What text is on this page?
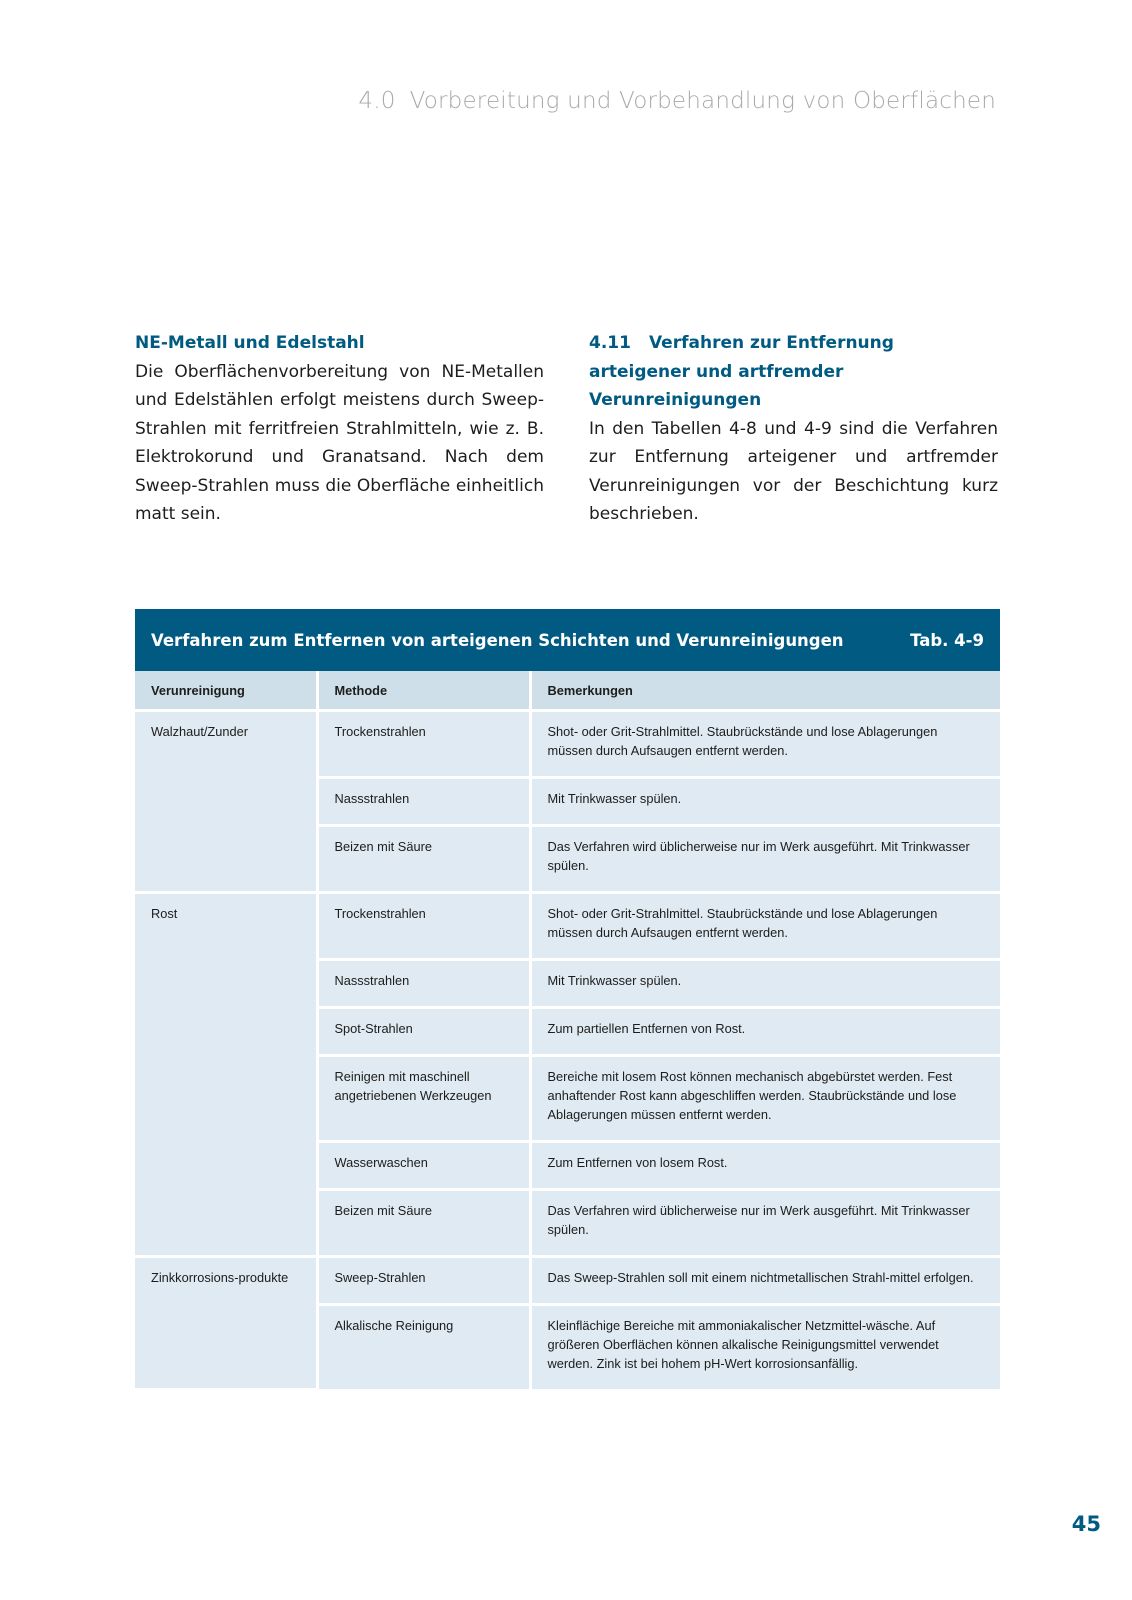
4.0 Vorbereitung und Vorbehandlung von Oberflächen
NE-Metall und Edelstahl

Die Oberflächenvorbereitung von NE-Metallen und Edelstählen erfolgt meistens durch Sweep-Strahlen mit ferritfreien Strahlmitteln, wie z. B. Elektrokorund und Granatsand. Nach dem Sweep-Strahlen muss die Oberfläche einheitlich matt sein.

4.11 Verfahren zur Entfernung arteigener und artfremder Verunreinigungen

In den Tabellen 4-8 und 4-9 sind die Verfahren zur Entfernung arteigener und artfremder Verunreinigungen vor der Beschichtung kurz beschrieben.

Verfahren zum Entfernen von arteigenen Schichten und Verunreinigungen	Tab. 4-9
Verunreinigung	Methode	Bemerkungen
Walzhaut/Zunder	Trockenstrahlen	Shot- oder Grit-Strahlmittel. Staubrückstände und lose Ablagerungen müssen durch Aufsaugen entfernt werden.
	Nassstrahlen	Mit Trinkwasser spülen.
	Beizen mit Säure	Das Verfahren wird üblicherweise nur im Werk ausgeführt. Mit Trinkwasser spülen.
Rost	Trockenstrahlen	Shot- oder Grit-Strahlmittel. Staubrückstände und lose Ablagerungen müssen durch Aufsaugen entfernt werden.
	Nassstrahlen	Mit Trinkwasser spülen.
	Spot-Strahlen	Zum partiellen Entfernen von Rost.
	Reinigen mit maschinell angetriebenen Werkzeugen	Bereiche mit losem Rost können mechanisch abgebürstet werden. Fest anhaftender Rost kann abgeschliffen werden. Staubrückstände und lose Ablagerungen müssen entfernt werden.
	Wasserwaschen	Zum Entfernen von losem Rost.
	Beizen mit Säure	Das Verfahren wird üblicherweise nur im Werk ausgeführt. Mit Trinkwasser spülen.
Zinkkorrosions-produkte	Sweep-Strahlen	Das Sweep-Strahlen soll mit einem nichtmetallischen Strahl-mittel erfolgen.
	Alkalische Reinigung	Kleinflächige Bereiche mit ammoniakalischer Netzmittel-wäsche. Auf größeren Oberflächen können alkalische Reinigungsmittel verwendet werden. Zink ist bei hohem pH-Wert korrosionsanfällig.
45
